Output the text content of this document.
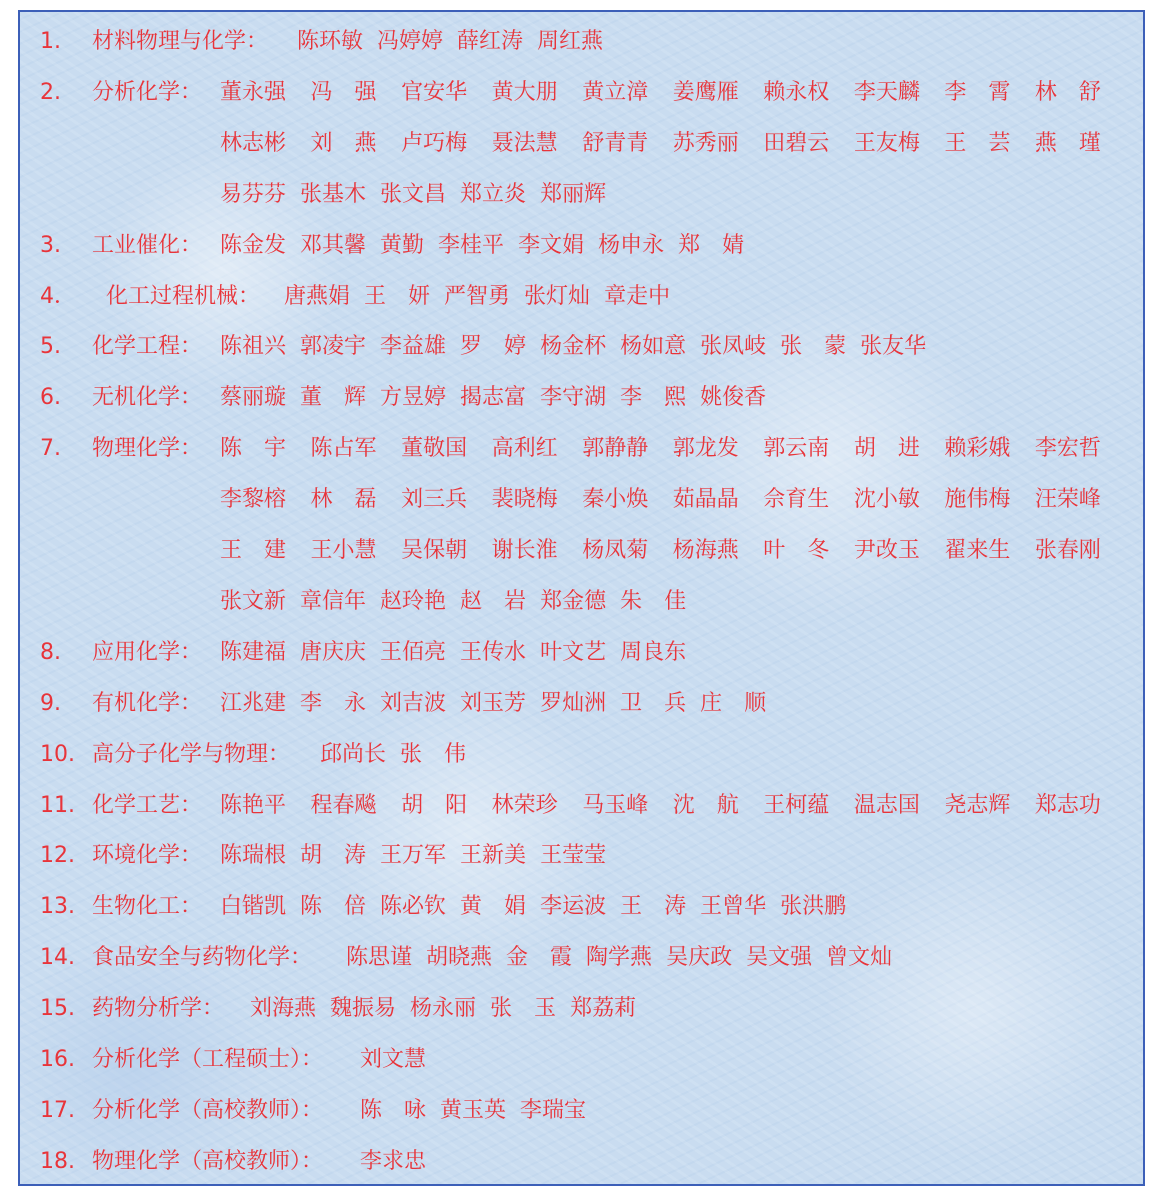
1.	材料物理与化学： 陈环敏 冯婷婷 薛红涛 周红燕
2.	分析化学： 董永强 冯　强 官安华 黄大朋 黄立漳 姜鹰雁 赖永权 李天麟 李　霄 林　舒
林志彬 刘　燕 卢巧梅 聂法慧 舒青青 苏秀丽 田碧云 王友梅 王　芸 燕　瑾
易芬芬 张基木 张文昌 郑立炎 郑丽辉
3.	工业催化： 陈金发 邓其馨 黄勤 李桂平 李文娟 杨申永 郑　婧
4．	化工过程机械： 唐燕娟 王　妍 严智勇 张灯灿 章走中
5.	化学工程： 陈祖兴 郭凌宇 李益雄 罗　婷 杨金杯 杨如意 张凤岐 张　蒙 张友华
6.	无机化学： 蔡丽璇 董　辉 方昱婷 揭志富 李守湖 李　熙 姚俊香
7.	物理化学： 陈　宇 陈占军 董敬国 高利红 郭静静 郭龙发 郭云南 胡　进 赖彩娥 李宏哲
李黎榕 林　磊 刘三兵 裴晓梅 秦小焕 茹晶晶 佘育生 沈小敏 施伟梅 汪荣峰
王　建 王小慧 吴保朝 谢长淮 杨凤菊 杨海燕 叶　冬 尹改玉 翟来生 张春刚
张文新 章信年 赵玲艳 赵　岩 郑金德 朱　佳
8.	应用化学： 陈建福 唐庆庆 王佰亮 王传水 叶文艺 周良东
9.	有机化学： 江兆建 李　永 刘吉波 刘玉芳 罗灿洲 卫　兵 庄　顺
10. 高分子化学与物理： 邱尚长 张　伟
11. 化学工艺： 陈艳平 程春飚 胡　阳 林荣珍 马玉峰 沈　航 王柯蕴 温志国 尧志辉 郑志功
12. 环境化学： 陈瑞根 胡　涛 王万军 王新美 王莹莹
13. 生物化工： 白锴凯 陈　倍 陈必钦 黄　娟 李运波 王　涛 王曾华 张洪鹏
14. 食品安全与药物化学： 陈思谨 胡晓燕 金　霞 陶学燕 吴庆政 吴文强 曾文灿
15. 药物分析学： 刘海燕 魏振易 杨永丽 张　玉 郑荔莉
16. 分析化学（工程硕士）： 刘文慧
17. 分析化学（高校教师）： 陈　咏 黄玉英 李瑞宝
18. 物理化学（高校教师）： 李求忠
